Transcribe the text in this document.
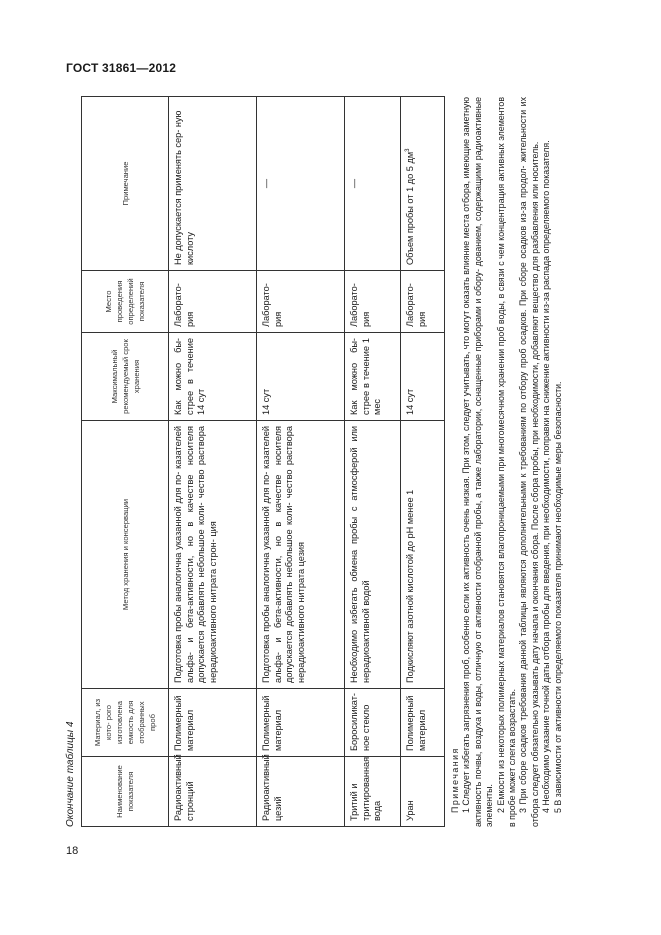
ГОСТ 31861—2012
Окончание таблицы 4	Наименование показателя	Материал, из кото- рого изготовлена емкость для отобранных проб	Метод хранения и консервации	Максимальный рекомендуемый срок хранения	Место проведения определений показателя	Примечание
Радиоактивный стронций	Полимерный материал	Подготовка пробы аналогична указанной для по- казателей альфа- и бета-активности, но в качестве носителя допускается добавлять небольшое коли- чество раствора нерадиоактивного нитрата строн- ция	Как можно бы- стрее в течение 14 сут	Лаборато- рия	Не допускается применять сер- ную кислоту
Радиоактивный цезий	Полимерный материал	Подготовка пробы аналогична указанной для по- казателей альфа- и бета-активности, но в качестве носителя допускается добавлять небольшое коли- чество раствора нерадиоактивного нитрата цезия	14 сут	Лаборато- рия	—
Тритий и тритированная вода	Боросиликат- ное стекло	Необходимо избегать обмена пробы с атмосферой или нерадиоактивной водой	Как можно бы- стрее в течение 1 мес	Лаборато- рия	—
Уран	Полимерный материал	Подкисляют азотной кислотой до pH менее 1	14 сут	Лаборато- рия	Объем пробы от 1 до 5 $дм^3$

Примечания 1 Следует избегать загрязнения проб, особенно если их активность очень низкая. При этом, следует учитывать, что могут оказать влияние места отбора, имеющие заметную активность почвы, воздуха и воды, отличную от активности отобранной пробы, а также лаборатории, оснащенные приборами и обору- дованием, содержащими радиоактивные элементы. 2 Емкости из некоторых полимерных материалов становятся влагопроницаемыми при многомесячном хранении проб воды, в связи с чем концентрация активных элементов в пробе может слегка возрастать. 3 При сборе осадков требования данной таблицы являются дополнительными к требованиям по отбору проб осадков. При сборе осадков из-за продол- жительности их отбора следует обязательно указывать дату начала и окончания сбора. После сбора пробы, при необходимости, добавляют вещество для разбавления или носитель. 4 Необходимо указание точной даты отбора пробы для введения, при необходимости, поправки на снижение активности из-за распада определяемого показателя. 5 В зависимости от активности определяемого показателя принимают необходимые меры безопасности.

18
